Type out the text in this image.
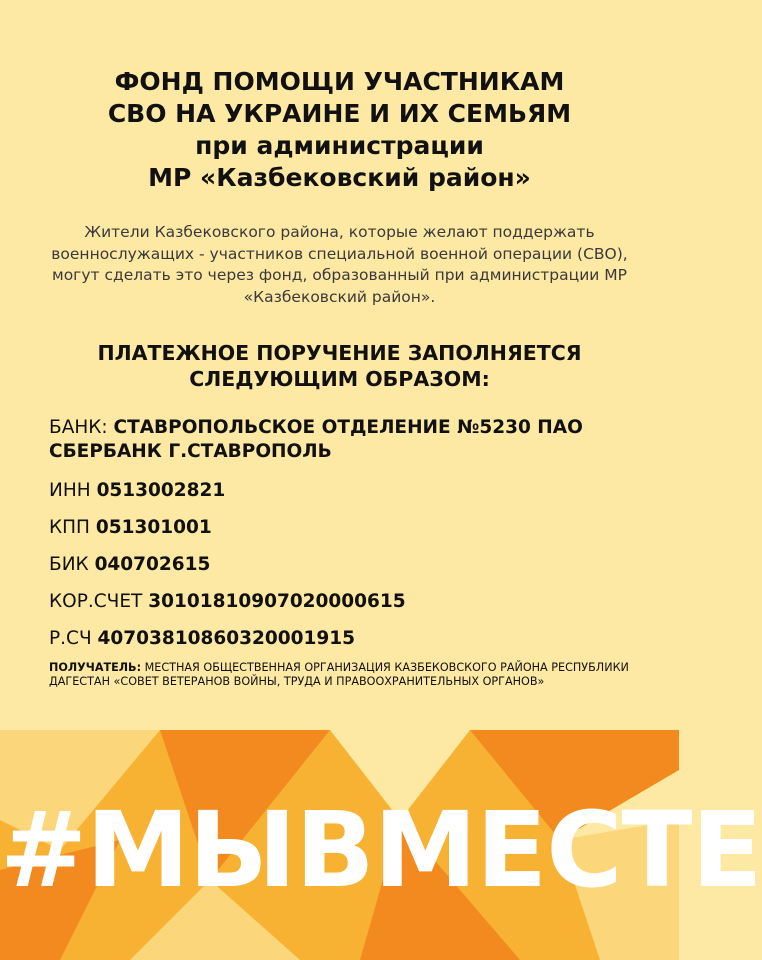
ФОНД ПОМОЩИ УЧАСТНИКАМ
СВО НА УКРАИНЕ И ИХ СЕМЬЯМ
при администрации
МР «Казбековский район»
Жители Казбековского района, которые желают поддержать военнослужащих - участников специальной военной операции (СВО), могут сделать это через фонд, образованный при администрации МР «Казбековский район».
ПЛАТЕЖНОЕ ПОРУЧЕНИЕ ЗАПОЛНЯЕТСЯ
СЛЕДУЮЩИМ ОБРАЗОМ:
БАНК: СТАВРОПОЛЬСКОЕ ОТДЕЛЕНИЕ №5230 ПАО СБЕРБАНК Г.СТАВРОПОЛЬ
ИНН 0513002821
КПП 051301001
БИК 040702615
КОР.СЧЕТ 30101810907020000615
Р.СЧ 40703810860320001915
ПОЛУЧАТЕЛЬ: МЕСТНАЯ ОБЩЕСТВЕННАЯ ОРГАНИЗАЦИЯ КАЗБЕКОВСКОГО РАЙОНА РЕСПУБЛИКИ ДАГЕСТАН «СОВЕТ ВЕТЕРАНОВ ВОЙНЫ, ТРУДА И ПРАВООХРАНИТЕЛЬНЫХ ОРГАНОВ»
#МЫВМЕСТЕ
